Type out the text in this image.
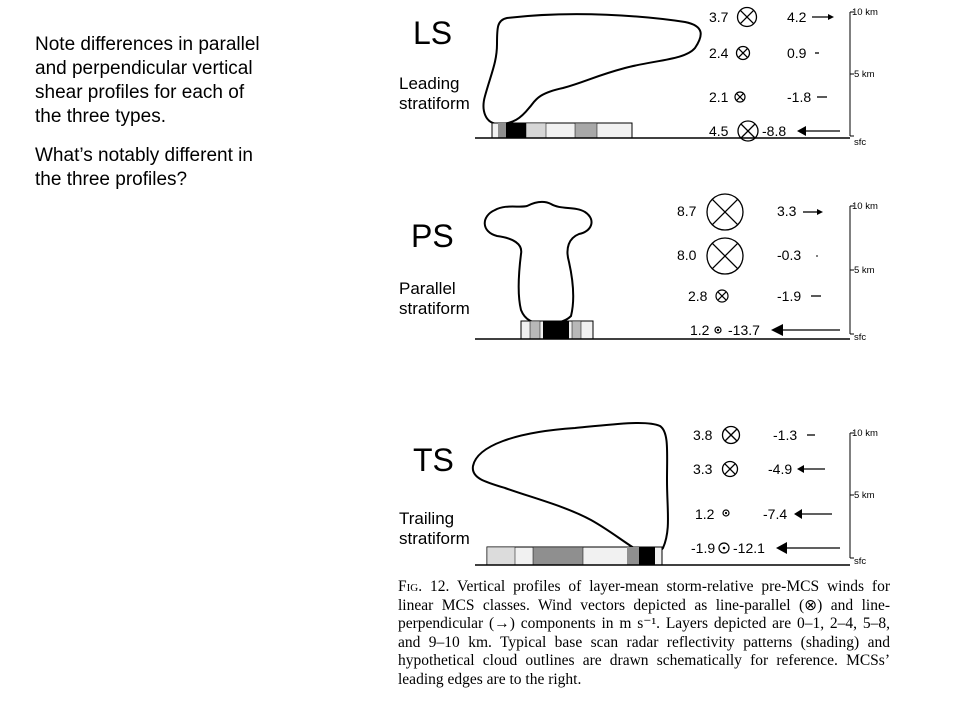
Note differences in parallel and perpendicular vertical shear profiles for each of the three types.

What’s notably different in the three profiles?

LS
Leading
stratiform
3.7	4.2
2.4	0.9
2.1	-1.8
4.5 -8.8
10 km
5 km
sfc
PS
Parallel
stratiform
8.7	3.3
8.0	-0.3
2.8	-1.9
1.2 -13.7
10 km
5 km
sfc
TS
Trailing
stratiform
3.8	-1.3
3.3	-4.9
1.2	-7.4
-1.9 -12.1
10 km
5 km
sfc
Fig. 12. Vertical profiles of layer-mean storm-relative pre-MCS winds for linear MCS classes. Wind vectors depicted as line-parallel (⊗) and line-perpendicular (→) components in m s⁻¹. Layers depicted are 0–1, 2–4, 5–8, and 9–10 km. Typical base scan radar reflectivity patterns (shading) and hypothetical cloud outlines are drawn schematically for reference. MCSs’ leading edges are to the right.
